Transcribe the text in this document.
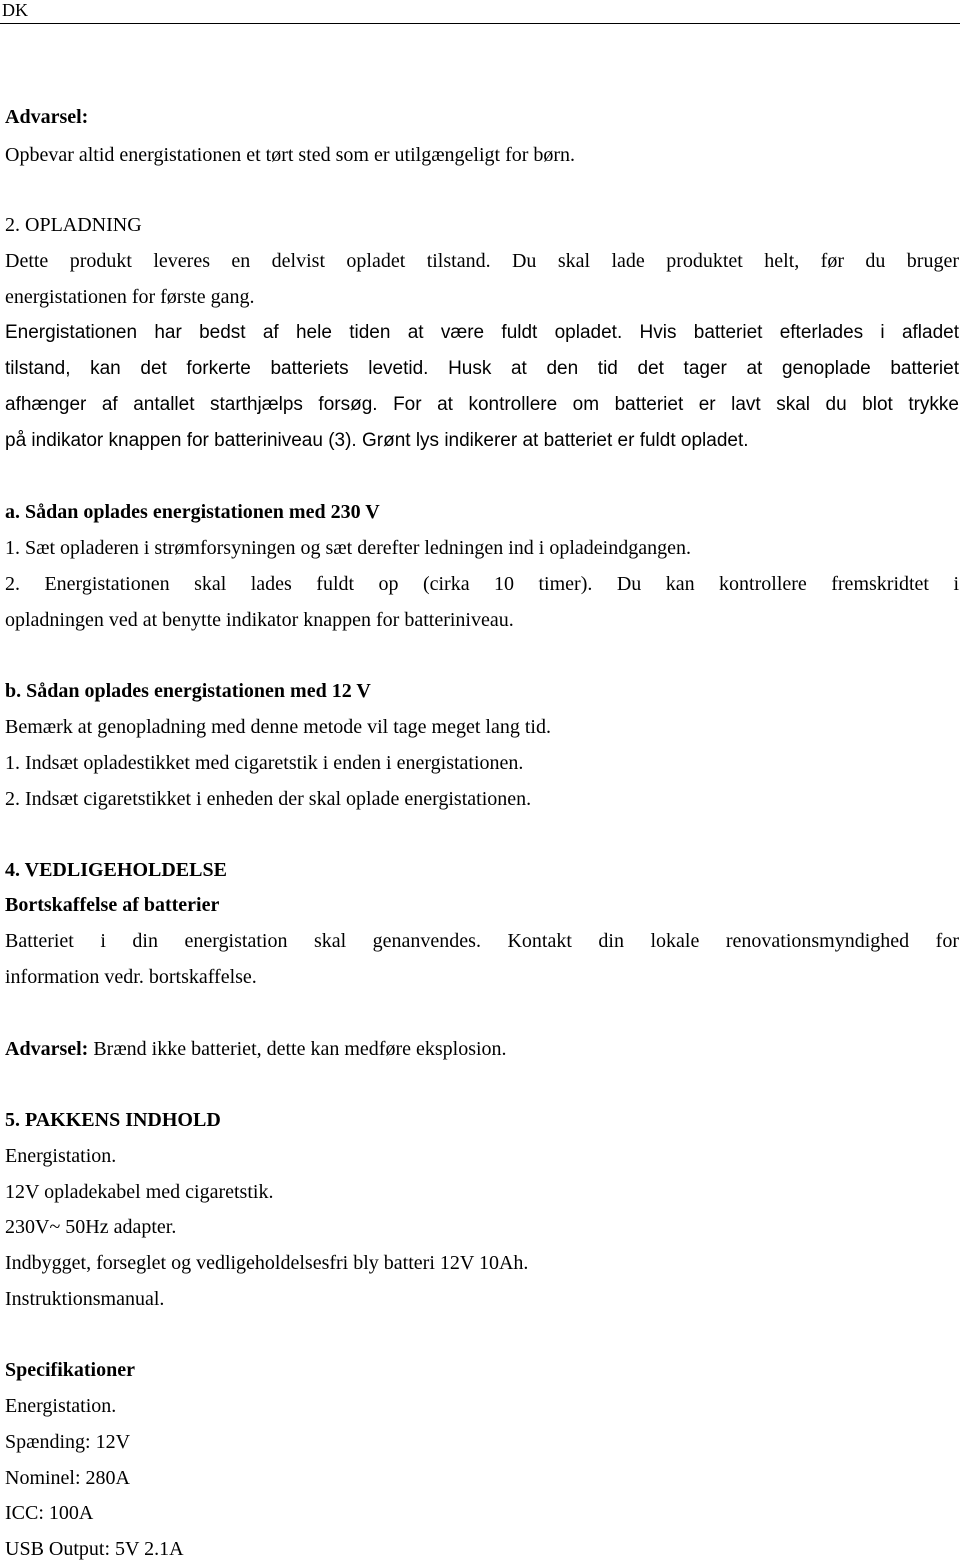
DK
Advarsel:
Opbevar altid energistationen et tørt sted som er utilgængeligt for børn.
2. OPLADNING
Dette produkt leveres en delvist opladet tilstand. Du skal lade produktet helt, før du bruger
energistationen for første gang.
Energistationen har bedst af hele tiden at være fuldt opladet. Hvis batteriet efterlades i afladet
tilstand, kan det forkerte batteriets levetid. Husk at den tid det tager at genoplade batteriet
afhænger af antallet starthjælps forsøg. For at kontrollere om batteriet er lavt skal du blot trykke
på indikator knappen for batteriniveau (3). Grønt lys indikerer at batteriet er fuldt opladet.
a. Sådan oplades energistationen med 230 V
1. Sæt opladeren i strømforsyningen og sæt derefter ledningen ind i opladeindgangen.
2. Energistationen skal lades fuldt op (cirka 10 timer). Du kan kontrollere fremskridtet i
opladningen ved at benytte indikator knappen for batteriniveau.
b. Sådan oplades energistationen med 12 V
Bemærk at genopladning med denne metode vil tage meget lang tid.
1. Indsæt opladestikket med cigaretstik i enden i energistationen.
2. Indsæt cigaretstikket i enheden der skal oplade energistationen.
4. VEDLIGEHOLDELSE
Bortskaffelse af batterier
Batteriet i din energistation skal genanvendes. Kontakt din lokale renovationsmyndighed for
information vedr. bortskaffelse.
Advarsel: Brænd ikke batteriet, dette kan medføre eksplosion.
5. PAKKENS INDHOLD
Energistation.
12V opladekabel med cigaretstik.
230V~ 50Hz adapter.
Indbygget, forseglet og vedligeholdelsesfri bly batteri 12V 10Ah.
Instruktionsmanual.
Specifikationer
Energistation.
Spænding: 12V
Nominel: 280A
ICC: 100A
USB Output: 5V 2.1A
